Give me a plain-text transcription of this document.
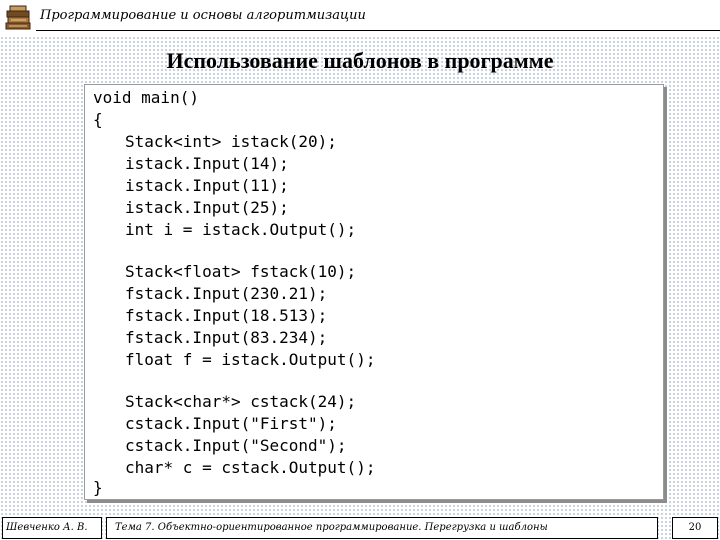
Программирование и основы алгоритмизации
Использование шаблонов в программе
void main()
{
Stack<int> istack(20);
istack.Input(14);
istack.Input(11);
istack.Input(25);
int i = istack.Output();
Stack<float> fstack(10);
fstack.Input(230.21);
fstack.Input(18.513);
fstack.Input(83.234);
float f = istack.Output();
Stack<char*> cstack(24);
cstack.Input("First");
cstack.Input("Second");
char* c = cstack.Output();
}
Шевченко А. В.	Тема 7. Объектно-ориентированное программирование. Перегрузка и шаблоны	20
